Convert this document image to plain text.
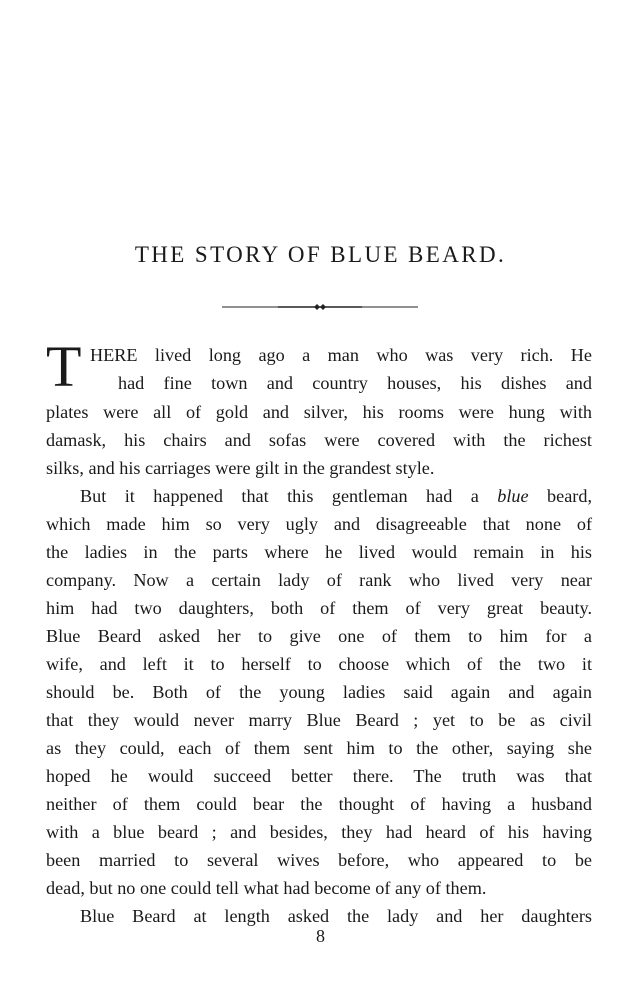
THE STORY OF BLUE BEARD.
T HERE lived long ago a man who was very rich. He
had fine town and country houses, his dishes and
plates were all of gold and silver, his rooms were hung with
damask, his chairs and sofas were covered with the richest
silks, and his carriages were gilt in the grandest style.
But it happened that this gentleman had a blue beard,
which made him so very ugly and disagreeable that none of
the ladies in the parts where he lived would remain in his
company. Now a certain lady of rank who lived very near
him had two daughters, both of them of very great beauty.
Blue Beard asked her to give one of them to him for a
wife, and left it to herself to choose which of the two it
should be. Both of the young ladies said again and again
that they would never marry Blue Beard ; yet to be as civil
as they could, each of them sent him to the other, saying she
hoped he would succeed better there. The truth was that
neither of them could bear the thought of having a husband
with a blue beard ; and besides, they had heard of his having
been married to several wives before, who appeared to be
dead, but no one could tell what had become of any of them.
Blue Beard at length asked the lady and her daughters
8
